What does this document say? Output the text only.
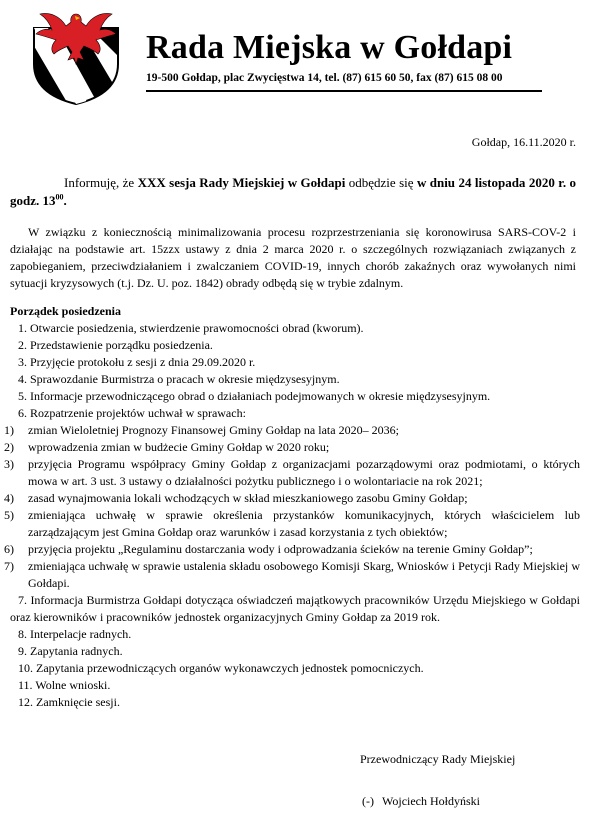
Rada Miejska w Gołdapi
19-500 Gołdap, plac Zwycięstwa 14, tel. (87) 615 60 50, fax (87) 615 08 00
Gołdap, 16.11.2020 r.

Informuję, że XXX sesja Rady Miejskiej w Gołdapi odbędzie się w dniu 24 listopada 2020 r. o godz. $13^{00}$.

W związku z koniecznością minimalizowania procesu rozprzestrzeniania się koronowirusa SARS-COV-2 i działając na podstawie art. 15zzx ustawy z dnia 2 marca 2020 r. o szczególnych rozwiązaniach związanych z zapobieganiem, przeciwdziałaniem i zwalczaniem COVID-19, innych chorób zakaźnych oraz wywołanych nimi sytuacji kryzysowych (t.j. Dz. U. poz. 1842) obrady odbędą się w trybie zdalnym.

Porządek posiedzenia
1. Otwarcie posiedzenia, stwierdzenie prawomocności obrad (kworum).
2. Przedstawienie porządku posiedzenia.
3. Przyjęcie protokołu z sesji z dnia 29.09.2020 r.
4. Sprawozdanie Burmistrza o pracach w okresie międzysesyjnym.
5. Informacje przewodniczącego obrad o działaniach podejmowanych w okresie międzysesyjnym.
6. Rozpatrzenie projektów uchwał w sprawach:
1)	zmian Wieloletniej Prognozy Finansowej Gminy Gołdap na lata 2020– 2036;
2)	wprowadzenia zmian w budżecie Gminy Gołdap w 2020 roku;
3)	przyjęcia Programu współpracy Gminy Gołdap z organizacjami pozarządowymi oraz podmiotami, o których mowa w art. 3 ust. 3 ustawy o działalności pożytku publicznego i o wolontariacie na rok 2021;
4)	zasad wynajmowania lokali wchodzących w skład mieszkaniowego zasobu Gminy Gołdap;
5)	zmieniająca uchwałę w sprawie określenia przystanków komunikacyjnych, których właścicielem lub zarządzającym jest Gmina Gołdap oraz warunków i zasad korzystania z tych obiektów;
6)	przyjęcia projektu „Regulaminu dostarczania wody i odprowadzania ścieków na terenie Gminy Gołdap”;
7)	zmieniająca uchwałę w sprawie ustalenia składu osobowego Komisji Skarg, Wniosków i Petycji Rady Miejskiej w Gołdapi.
7. Informacja Burmistrza Gołdapi dotycząca oświadczeń majątkowych pracowników Urzędu Miejskiego w Gołdapi oraz kierowników i pracowników jednostek organizacyjnych Gminy Gołdap za 2019 rok.
8. Interpelacje radnych.
9. Zapytania radnych.
10. Zapytania przewodniczących organów wykonawczych jednostek pomocniczych.
11. Wolne wnioski.
12. Zamknięcie sesji.
Przewodniczący Rady Miejskiej
(-) Wojciech Hołdyński
